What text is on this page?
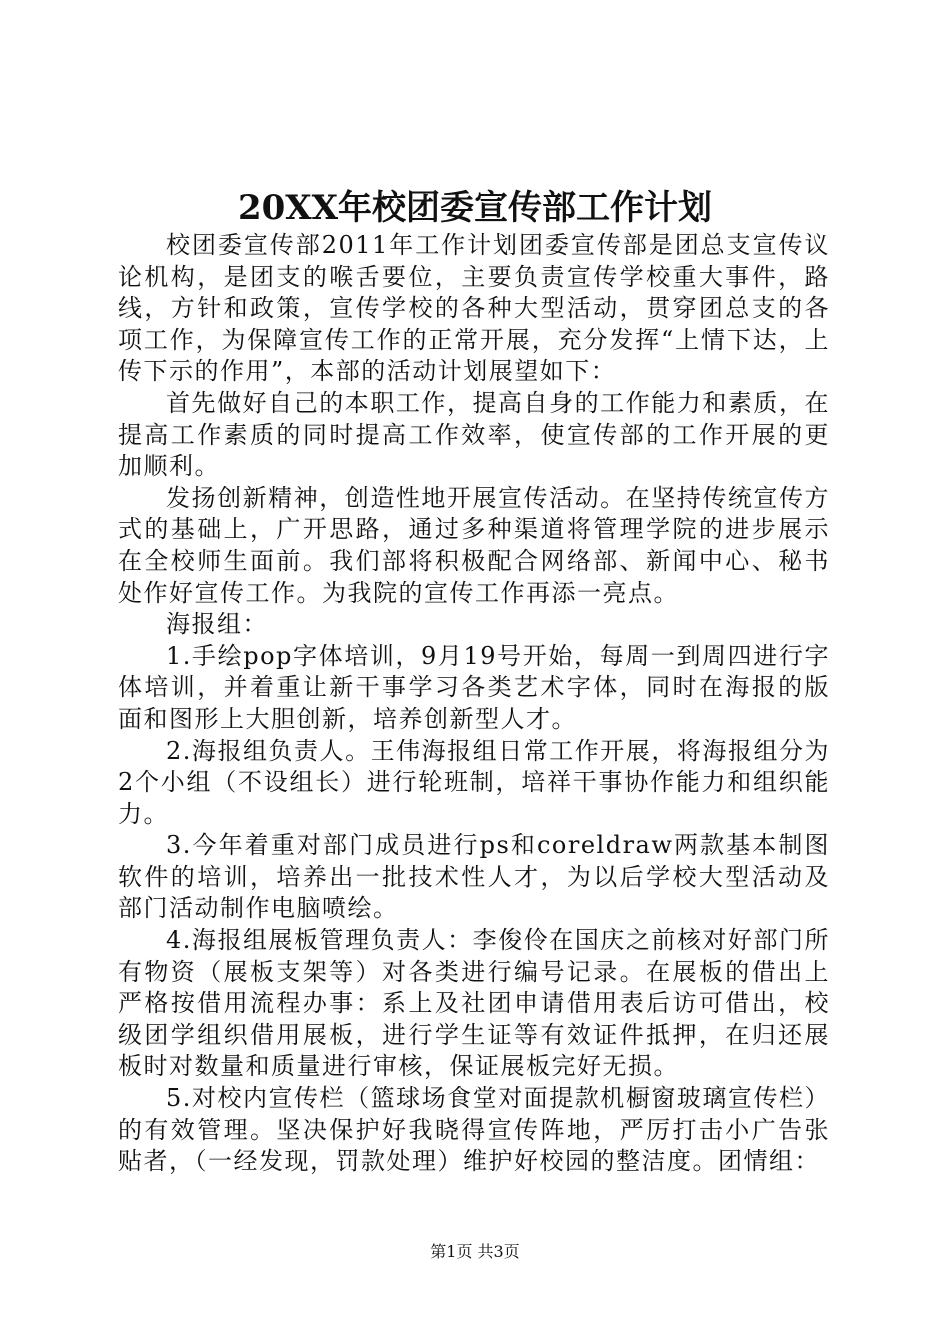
20XX年校团委宣传部工作计划

校团委宣传部2011年工作计划团委宣传部是团总支宣传议论机构，是团支的喉舌要位，主要负责宣传学校重大事件，路线，方针和政策，宣传学校的各种大型活动，贯穿团总支的各项工作，为保障宣传工作的正常开展，充分发挥“上情下达，上传下示的作用”，本部的活动计划展望如下：

首先做好自己的本职工作，提高自身的工作能力和素质，在提高工作素质的同时提高工作效率，使宣传部的工作开展的更加顺利。

发扬创新精神，创造性地开展宣传活动。在坚持传统宣传方式的基础上，广开思路，通过多种渠道将管理学院的进步展示在全校师生面前。我们部将积极配合网络部、新闻中心、秘书处作好宣传工作。为我院的宣传工作再添一亮点。

海报组：

1.手绘pop字体培训，9月19号开始，每周一到周四进行字体培训，并着重让新干事学习各类艺术字体，同时在海报的版面和图形上大胆创新，培养创新型人才。

2.海报组负责人。王伟海报组日常工作开展，将海报组分为2个小组（不设组长）进行轮班制，培祥干事协作能力和组织能力。

3.今年着重对部门成员进行ps和coreldraw两款基本制图软件的培训，培养出一批技术性人才，为以后学校大型活动及部门活动制作电脑喷绘。

4.海报组展板管理负责人：李俊伶在国庆之前核对好部门所有物资（展板支架等）对各类进行编号记录。在展板的借出上严格按借用流程办事：系上及社团申请借用表后访可借出，校级团学组织借用展板，进行学生证等有效证件抵押，在归还展板时对数量和质量进行审核，保证展板完好无损。

5.对校内宣传栏（篮球场食堂对面提款机橱窗玻璃宣传栏）的有效管理。坚决保护好我晓得宣传阵地，严厉打击小广告张贴者，（一经发现，罚款处理）维护好校园的整洁度。团情组：

第1页 共3页
